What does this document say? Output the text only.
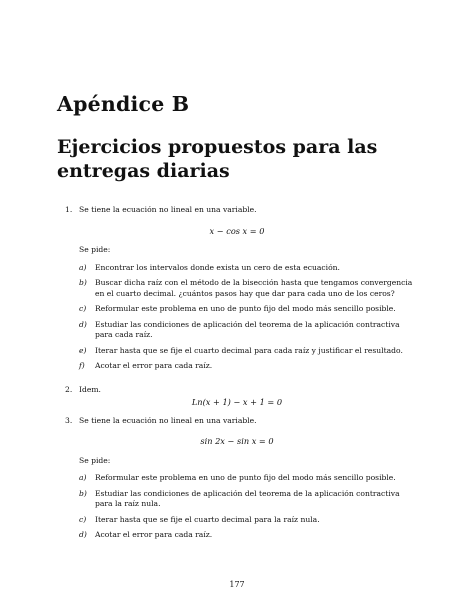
Apéndice B
Ejercicios propuestos para las entregas diarias
1. Se tiene la ecuación no lineal en una variable.
x − cos x = 0
Se pide:
a) Encontrar los intervalos donde exista un cero de esta ecuación.
b) Buscar dicha raíz con el método de la bisección hasta que tengamos convergencia en el cuarto decimal. ¿cuántos pasos hay que dar para cada uno de los ceros?
c) Reformular este problema en uno de punto fijo del modo más sencillo posible.
d) Estudiar las condiciones de aplicación del teorema de la aplicación contractiva para cada raíz.
e) Iterar hasta que se fije el cuarto decimal para cada raíz y justificar el resultado.
f) Acotar el error para cada raíz.
2. Idem.
Ln(x + 1) − x + 1 = 0
3. Se tiene la ecuación no lineal en una variable.
sin 2x − sin x = 0
Se pide:
a) Reformular este problema en uno de punto fijo del modo más sencillo posible.
b) Estudiar las condiciones de aplicación del teorema de la aplicación contractiva para la raíz nula.
c) Iterar hasta que se fije el cuarto decimal para la raíz nula.
d) Acotar el error para cada raíz.
177
